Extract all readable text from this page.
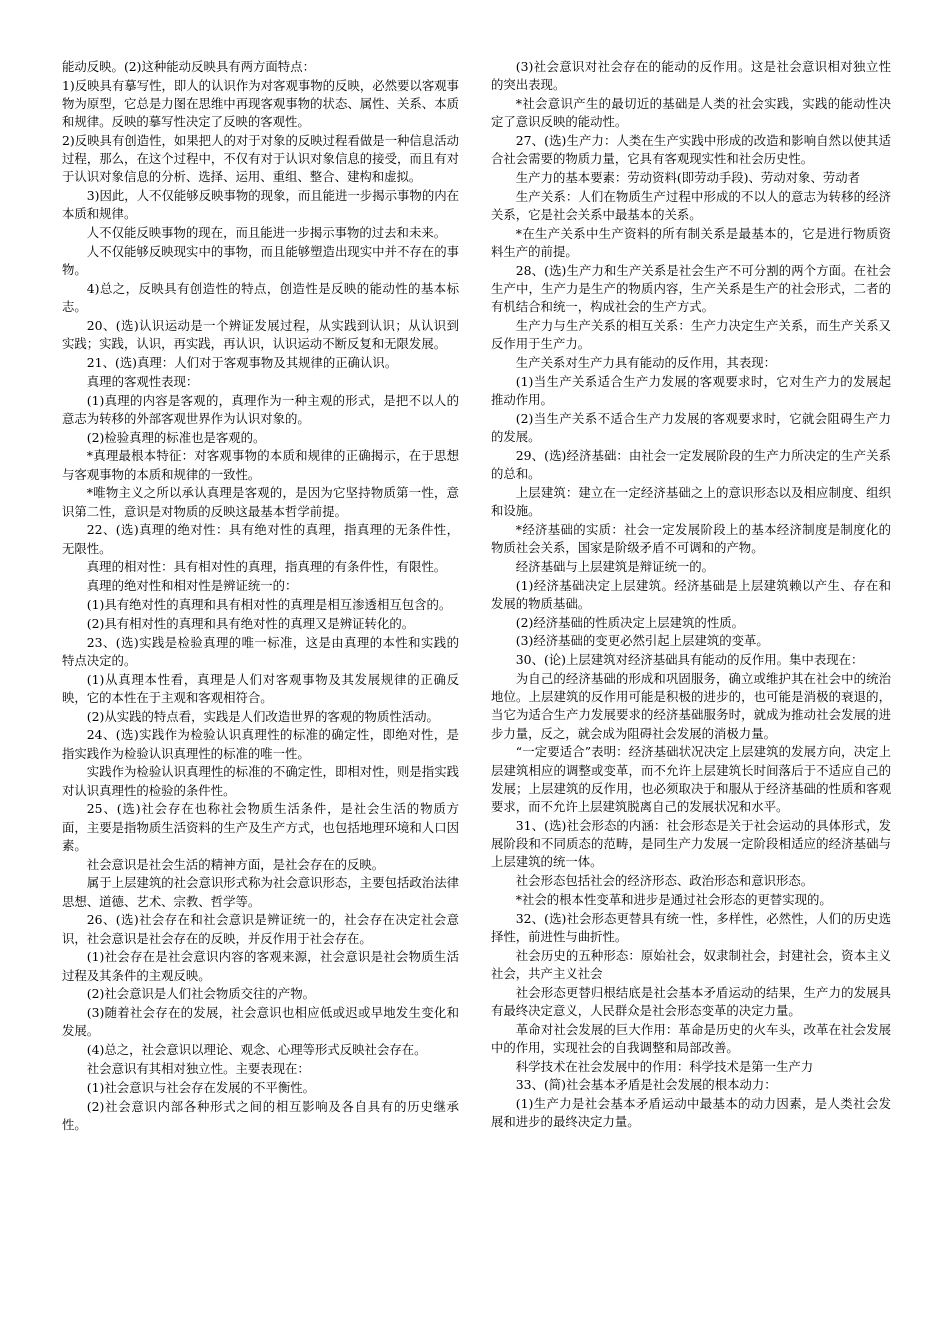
能动反映。(2)这种能动反映具有两方面特点：

1)反映具有摹写性，即人的认识作为对客观事物的反映，必然要以客观事物为原型，它总是力图在思维中再现客观事物的状态、属性、关系、本质和规律。反映的摹写性决定了反映的客观性。

2)反映具有创造性，如果把人的对于对象的反映过程看做是一种信息活动过程，那么，在这个过程中，不仅有对于认识对象信息的接受，而且有对于认识对象信息的分析、选择、运用、重组、整合、建构和虚拟。

3)因此，人不仅能够反映事物的现象，而且能进一步揭示事物的内在本质和规律。

人不仅能反映事物的现在，而且能进一步揭示事物的过去和未来。

人不仅能够反映现实中的事物，而且能够塑造出现实中并不存在的事物。

4)总之，反映具有创造性的特点，创造性是反映的能动性的基本标志。

20、(选)认识运动是一个辨证发展过程，从实践到认识；从认识到实践；实践，认识，再实践，再认识，认识运动不断反复和无限发展。

21、(选)真理：人们对于客观事物及其规律的正确认识。

真理的客观性表现：

(1)真理的内容是客观的，真理作为一种主观的形式，是把不以人的意志为转移的外部客观世界作为认识对象的。

(2)检验真理的标准也是客观的。

*真理最根本特征：对客观事物的本质和规律的正确揭示，在于思想与客观事物的本质和规律的一致性。

*唯物主义之所以承认真理是客观的，是因为它坚持物质第一性，意识第二性，意识是对物质的反映这最基本哲学前提。

22、(选)真理的绝对性：具有绝对性的真理，指真理的无条件性，无限性。

真理的相对性：具有相对性的真理，指真理的有条件性，有限性。

真理的绝对性和相对性是辨证统一的：

(1)具有绝对性的真理和具有相对性的真理是相互渗透相互包含的。

(2)具有相对性的真理和具有绝对性的真理又是辨证转化的。

23、(选)实践是检验真理的唯一标准，这是由真理的本性和实践的特点决定的。

(1)从真理本性看，真理是人们对客观事物及其发展规律的正确反映，它的本性在于主观和客观相符合。

(2)从实践的特点看，实践是人们改造世界的客观的物质性活动。

24、(选)实践作为检验认识真理性的标准的确定性，即绝对性，是指实践作为检验认识真理性的标准的唯一性。

实践作为检验认识真理性的标准的不确定性，即相对性，则是指实践对认识真理性的检验的条件性。

25、(选)社会存在也称社会物质生活条件，是社会生活的物质方面，主要是指物质生活资料的生产及生产方式，也包括地理环境和人口因素。

社会意识是社会生活的精神方面，是社会存在的反映。

属于上层建筑的社会意识形式称为社会意识形态，主要包括政治法律思想、道德、艺术、宗教、哲学等。

26、(选)社会存在和社会意识是辨证统一的，社会存在决定社会意识，社会意识是社会存在的反映，并反作用于社会存在。

(1)社会存在是社会意识内容的客观来源，社会意识是社会物质生活过程及其条件的主观反映。

(2)社会意识是人们社会物质交往的产物。

(3)随着社会存在的发展，社会意识也相应低或迟或早地发生变化和发展。

(4)总之，社会意识以理论、观念、心理等形式反映社会存在。

社会意识有其相对独立性。主要表现在：

(1)社会意识与社会存在发展的不平衡性。

(2)社会意识内部各种形式之间的相互影响及各自具有的历史继承性。

(3)社会意识对社会存在的能动的反作用。这是社会意识相对独立性的突出表现。

*社会意识产生的最切近的基础是人类的社会实践，实践的能动性决定了意识反映的能动性。

27、(选)生产力：人类在生产实践中形成的改造和影响自然以使其适合社会需要的物质力量，它具有客观现实性和社会历史性。

生产力的基本要素：劳动资料(即劳动手段)、劳动对象、劳动者

生产关系：人们在物质生产过程中形成的不以人的意志为转移的经济关系，它是社会关系中最基本的关系。

*在生产关系中生产资料的所有制关系是最基本的，它是进行物质资料生产的前提。

28、(选)生产力和生产关系是社会生产不可分割的两个方面。在社会生产中，生产力是生产的物质内容，生产关系是生产的社会形式，二者的有机结合和统一，构成社会的生产方式。

生产力与生产关系的相互关系：生产力决定生产关系，而生产关系又反作用于生产力。

生产关系对生产力具有能动的反作用，其表现：

(1)当生产关系适合生产力发展的客观要求时，它对生产力的发展起推动作用。

(2)当生产关系不适合生产力发展的客观要求时，它就会阻碍生产力的发展。

29、(选)经济基础：由社会一定发展阶段的生产力所决定的生产关系的总和。

上层建筑：建立在一定经济基础之上的意识形态以及相应制度、组织和设施。

*经济基础的实质：社会一定发展阶段上的基本经济制度是制度化的物质社会关系，国家是阶级矛盾不可调和的产物。

经济基础与上层建筑是辩证统一的。

(1)经济基础决定上层建筑。经济基础是上层建筑赖以产生、存在和发展的物质基础。

(2)经济基础的性质决定上层建筑的性质。

(3)经济基础的变更必然引起上层建筑的变革。

30、(论)上层建筑对经济基础具有能动的反作用。集中表现在：

为自己的经济基础的形成和巩固服务，确立或维护其在社会中的统治地位。上层建筑的反作用可能是积极的进步的，也可能是消极的衰退的，当它为适合生产力发展要求的经济基础服务时，就成为推动社会发展的进步力量，反之，就会成为阻碍社会发展的消极力量。

“一定要适合”表明：经济基础状况决定上层建筑的发展方向，决定上层建筑相应的调整或变革，而不允许上层建筑长时间落后于不适应自己的发展；上层建筑的反作用，也必须取决于和服从于经济基础的性质和客观要求，而不允许上层建筑脱离自己的发展状况和水平。

31、(选)社会形态的内涵：社会形态是关于社会运动的具体形式，发展阶段和不同质态的范畴，是同生产力发展一定阶段相适应的经济基础与上层建筑的统一体。

社会形态包括社会的经济形态、政治形态和意识形态。

*社会的根本性变革和进步是通过社会形态的更替实现的。

32、(选)社会形态更替具有统一性，多样性，必然性，人们的历史选择性，前进性与曲折性。

社会历史的五种形态：原始社会，奴隶制社会，封建社会，资本主义社会，共产主义社会

社会形态更替归根结底是社会基本矛盾运动的结果，生产力的发展具有最终决定意义，人民群众是社会形态变革的决定力量。

革命对社会发展的巨大作用：革命是历史的火车头，改革在社会发展中的作用，实现社会的自我调整和局部改善。

科学技术在社会发展中的作用：科学技术是第一生产力

33、(简)社会基本矛盾是社会发展的根本动力：

(1)生产力是社会基本矛盾运动中最基本的动力因素，是人类社会发展和进步的最终决定力量。
